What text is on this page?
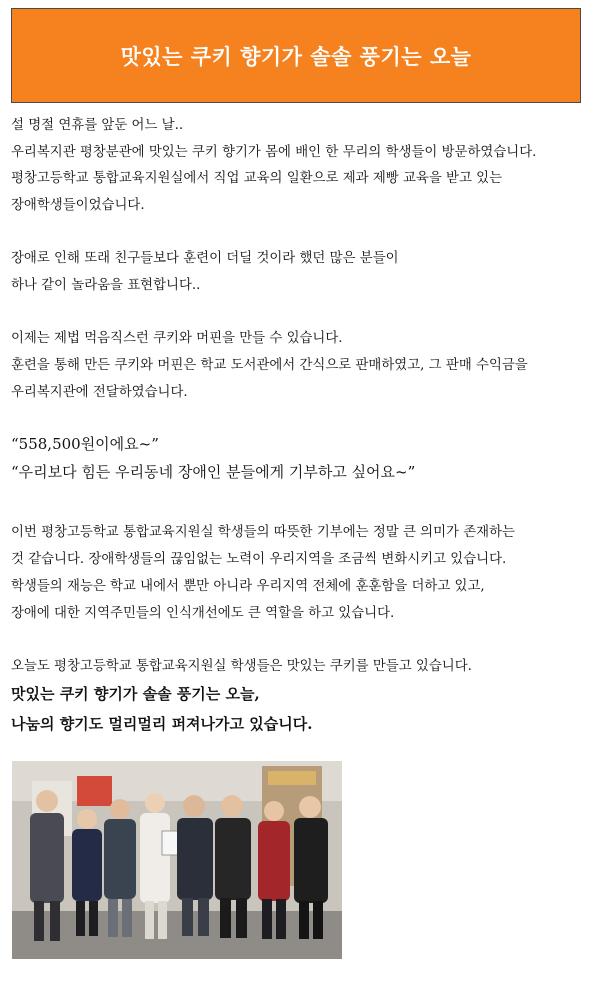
맛있는 쿠키 향기가 솔솔 풍기는 오늘
설 명절 연휴를 앞둔 어느 날..
우리복지관 평창분관에 맛있는 쿠키 향기가 몸에 배인 한 무리의 학생들이 방문하였습니다.
평창고등학교 통합교육지원실에서 직업 교육의 일환으로 제과 제빵 교육을 받고 있는
장애학생들이었습니다.
장애로 인해 또래 친구들보다 훈련이 더딜 것이라 했던 많은 분들이
하나 같이 놀라움을 표현합니다..
이제는 제법 먹음직스런 쿠키와 머핀을 만들 수 있습니다.
훈련을 통해 만든 쿠키와 머핀은 학교 도서관에서 간식으로 판매하였고, 그 판매 수익금을
우리복지관에 전달하였습니다.
“558,500원이에요~”
“우리보다 힘든 우리동네 장애인 분들에게 기부하고 싶어요~”
이번 평창고등학교 통합교육지원실 학생들의 따뜻한 기부에는 정말 큰 의미가 존재하는
것 같습니다. 장애학생들의 끊임없는 노력이 우리지역을 조금씩 변화시키고 있습니다.
학생들의 재능은 학교 내에서 뿐만 아니라 우리지역 전체에 훈훈함을 더하고 있고,
장애에 대한 지역주민들의 인식개선에도 큰 역할을 하고 있습니다.
오늘도 평창고등학교 통합교육지원실 학생들은 맛있는 쿠키를 만들고 있습니다.
맛있는 쿠키 향기가 솔솔 풍기는 오늘,
나눔의 향기도 멀리멀리 퍼져나가고 있습니다.
